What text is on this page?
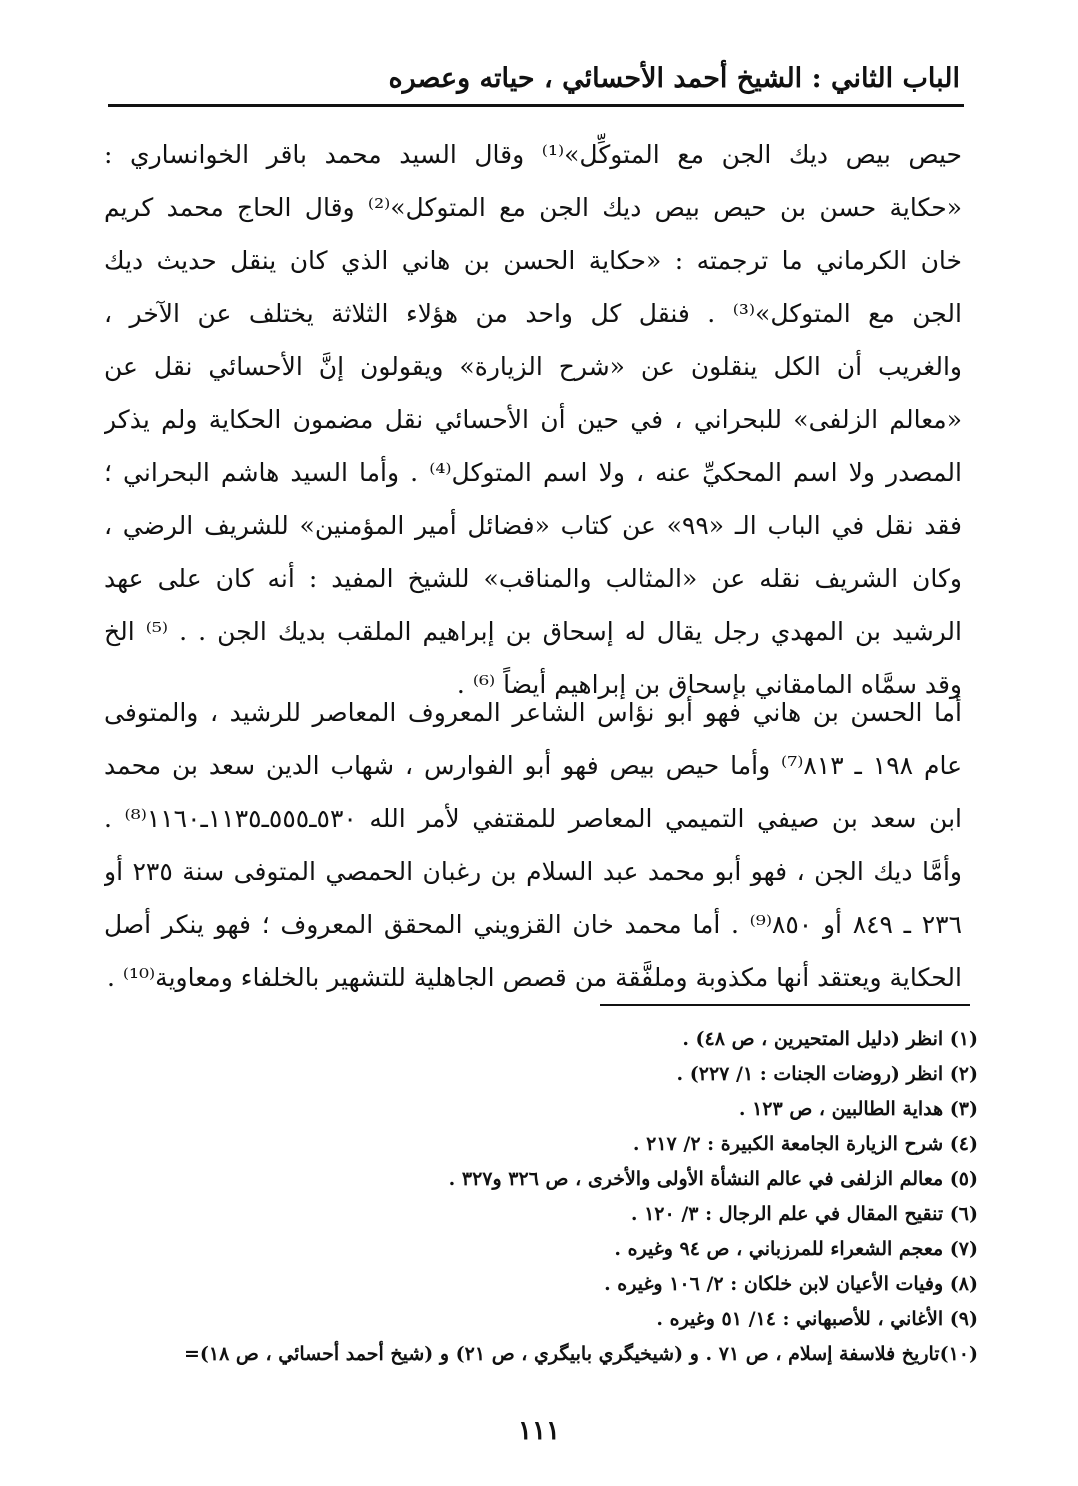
الباب الثاني : الشيخ أحمد الأحسائي ، حياته وعصره
حيص بيص ديك الجن مع المتوكِّل»⁽¹⁾ وقال السيد محمد باقر الخوانساري :
«حكاية حسن بن حيص بيص ديك الجن مع المتوكل»⁽²⁾ وقال الحاج محمد كريم
خان الكرماني ما ترجمته : «حكاية الحسن بن هاني الذي كان ينقل حديث ديك
الجن مع المتوكل»⁽³⁾ . فنقل كل واحد من هؤلاء الثلاثة يختلف عن الآخر ،
والغريب أن الكل ينقلون عن «شرح الزيارة» ويقولون إنَّ الأحسائي نقل عن
«معالم الزلفى» للبحراني ، في حين أن الأحسائي نقل مضمون الحكاية ولم يذكر
المصدر ولا اسم المحكيِّ عنه ، ولا اسم المتوكل⁽⁴⁾ . وأما السيد هاشم البحراني ؛
فقد نقل في الباب الـ «٩٩» عن كتاب «فضائل أمير المؤمنين» للشريف الرضي ،
وكان الشريف نقله عن «المثالب والمناقب» للشيخ المفيد : أنه كان على عهد
الرشيد بن المهدي رجل يقال له إسحاق بن إبراهيم الملقب بديك الجن . . ⁽⁵⁾ الخ
وقد سمَّاه المامقاني بإسحاق بن إبراهيم أيضاً ⁽⁶⁾ .
أما الحسن بن هاني فهو أبو نؤاس الشاعر المعروف المعاصر للرشيد ، والمتوفى
عام ١٩٨ ـ ٨١٣⁽⁷⁾ وأما حيص بيص فهو أبو الفوارس ، شهاب الدين سعد بن محمد
ابن سعد بن صيفي التميمي المعاصر للمقتفي لأمر الله ٥٣٠ـ٥٥٥ـ١١٣٥ـ١١٦٠⁽⁸⁾ .
وأمَّا ديك الجن ، فهو أبو محمد عبد السلام بن رغبان الحمصي المتوفى سنة ٢٣٥ أو
٢٣٦ ـ ٨٤٩ أو ٨٥٠⁽⁹⁾ . أما محمد خان القزويني المحقق المعروف ؛ فهو ينكر أصل
الحكاية ويعتقد أنها مكذوبة وملفَّقة من قصص الجاهلية للتشهير بالخلفاء ومعاوية⁽¹⁰⁾ .
(١) انظر (دليل المتحيرين ، ص ٤٨) .
(٢) انظر (روضات الجنات : ١/ ٢٢٧) .
(٣) هداية الطالبين ، ص ١٢٣ .
(٤) شرح الزيارة الجامعة الكبيرة : ٢/ ٢١٧ .
(٥) معالم الزلفى في عالم النشأة الأولى والأخرى ، ص ٣٢٦ و٣٢٧ .
(٦) تنقيح المقال في علم الرجال : ٣/ ١٢٠ .
(٧) معجم الشعراء للمرزباني ، ص ٩٤ وغيره .
(٨) وفيات الأعيان لابن خلكان : ٢/ ١٠٦ وغيره .
(٩) الأغاني ، للأصبهاني : ١٤/ ٥١ وغيره .
(١٠)تاريخ فلاسفة إسلام ، ص ٧١ . و (شيخيگري بابيگري ، ص ٢١) و (شيخ أحمد أحسائي ، ص ١٨)=
١١١
